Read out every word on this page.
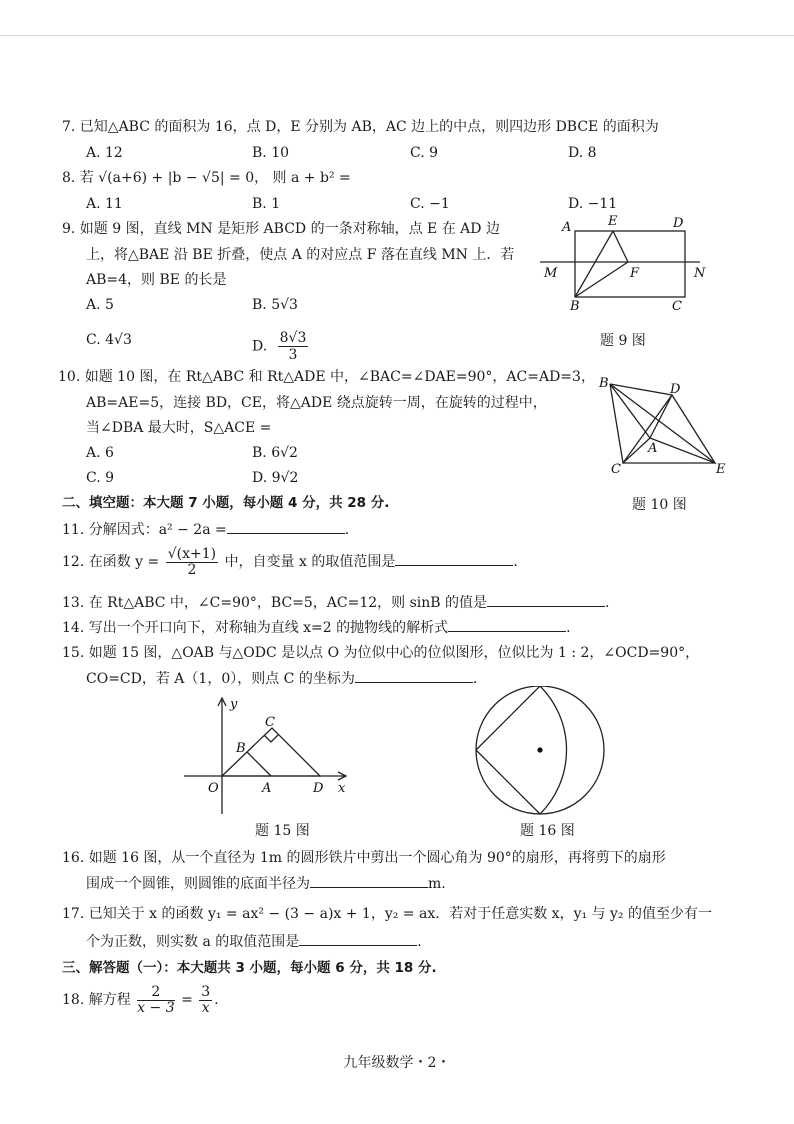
7. 已知△ABC 的面积为 16，点 D，E 分别为 AB，AC 边上的中点，则四边形 DBCE 的面积为
A. 12	B. 10	C. 9	D. 8
8. 若 √(a+6) + |b − √5| = 0， 则 a + b² =
A. 11	B. 1	C. −1	D. −11
9. 如题 9 图，直线 MN 是矩形 ABCD 的一条对称轴，点 E 在 AD 边
上，将△BAE 沿 BE 折叠，使点 A 的对应点 F 落在直线 MN 上．若
AB=4，则 BE 的长是
A. 5	B. 5√3
C. 4√3	D. $\frac{8√3}{3}$
A	E	D
M	F	N
B	C
题 9 图
10. 如题 10 图，在 Rt△ABC 和 Rt△ADE 中，∠BAC=∠DAE=90°，AC=AD=3，
AB=AE=5，连接 BD，CE，将△ADE 绕点旋转一周，在旋转的过程中，
当∠DBA 最大时，S△ACE =
A. 6	B. 6√2
C. 9	D. 9√2
B	D
A
C	E
题 10 图
二、填空题：本大题 7 小题，每小题 4 分，共 28 分.
11. 分解因式：a² − 2a =	.
12. 在函数 $y = \frac{√(x+1)}{2}$ 中，自变量 x 的取值范围是	.
13. 在 Rt△ABC 中，∠C=90°，BC=5，AC=12，则 sinB 的值是	.
14. 写出一个开口向下，对称轴为直线 x=2 的抛物线的解析式	.
15. 如题 15 图，△OAB 与△ODC 是以点 O 为位似中心的位似图形，位似比为 1 : 2，∠OCD=90°，
CO=CD，若 A（1，0），则点 C 的坐标为	.
y
C
B
O	A	D x
题 15 图	题 16 图
16. 如题 16 图，从一个直径为 1m 的圆形铁片中剪出一个圆心角为 90°的扇形，再将剪下的扇形
围成一个圆锥，则圆锥的底面半径为	m.
17. 已知关于 x 的函数 y₁ = ax² − (3 − a)x + 1，y₂ = ax．若对于任意实数 x，y₁ 与 y₂ 的值至少有一
个为正数，则实数 a 的取值范围是	.
三、解答题（一）：本大题共 3 小题，每小题 6 分，共 18 分.
18. 解方程 $\frac{2}{x - 3} = \frac{3}{x}$ .
九年级数学・2・
